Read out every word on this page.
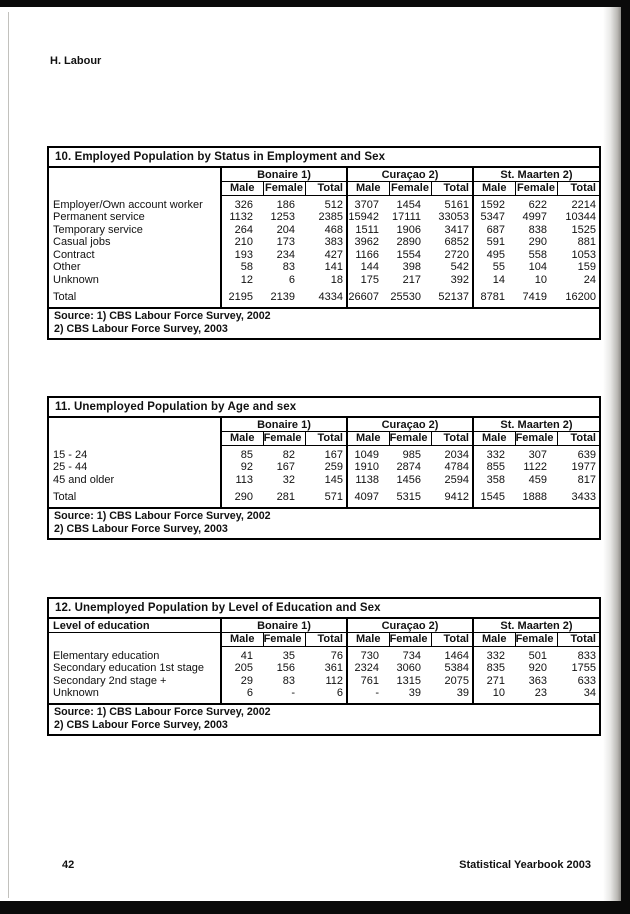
H. Labour
10. Employed Population by Status in Employment and Sex
	Bonaire 1)			Curaçao 2)			St. Maarten 2)		
	Male	Female	Total	Male	Female	Total	Male	Female	Total
Employer/Own account worker	326	186	512	3707	1454	5161	1592	622	2214
Permanent service	1132	1253	2385	15942	17111	33053	5347	4997	10344
Temporary service	264	204	468	1511	1906	3417	687	838	1525
Casual jobs	210	173	383	3962	2890	6852	591	290	881
Contract	193	234	427	1166	1554	2720	495	558	1053
Other	58	83	141	144	398	542	55	104	159
Unknown	12	6	18	175	217	392	14	10	24
Total	2195	2139	4334	26607	25530	52137	8781	7419	16200
Source: 1) CBS Labour Force Survey, 2002
2) CBS Labour Force Survey, 2003
11. Unemployed Population by Age and sex
	Bonaire 1)			Curaçao 2)			St. Maarten 2)		
	Male	Female	Total	Male	Female	Total	Male	Female	Total
15 - 24	85	82	167	1049	985	2034	332	307	639
25 - 44	92	167	259	1910	2874	4784	855	1122	1977
45 and older	113	32	145	1138	1456	2594	358	459	817
Total	290	281	571	4097	5315	9412	1545	1888	3433
Source: 1) CBS Labour Force Survey, 2002
2) CBS Labour Force Survey, 2003
12. Unemployed Population by Level of Education and Sex
Level of education	Bonaire 1)			Curaçao 2)			St. Maarten 2)		
	Male	Female	Total	Male	Female	Total	Male	Female	Total
Elementary education	41	35	76	730	734	1464	332	501	833
Secondary education 1st stage	205	156	361	2324	3060	5384	835	920	1755
Secondary 2nd stage +	29	83	112	761	1315	2075	271	363	633
Unknown	6	-	6	-	39	39	10	23	34
Source: 1) CBS Labour Force Survey, 2002
2) CBS Labour Force Survey, 2003
42	Statistical Yearbook 2003
